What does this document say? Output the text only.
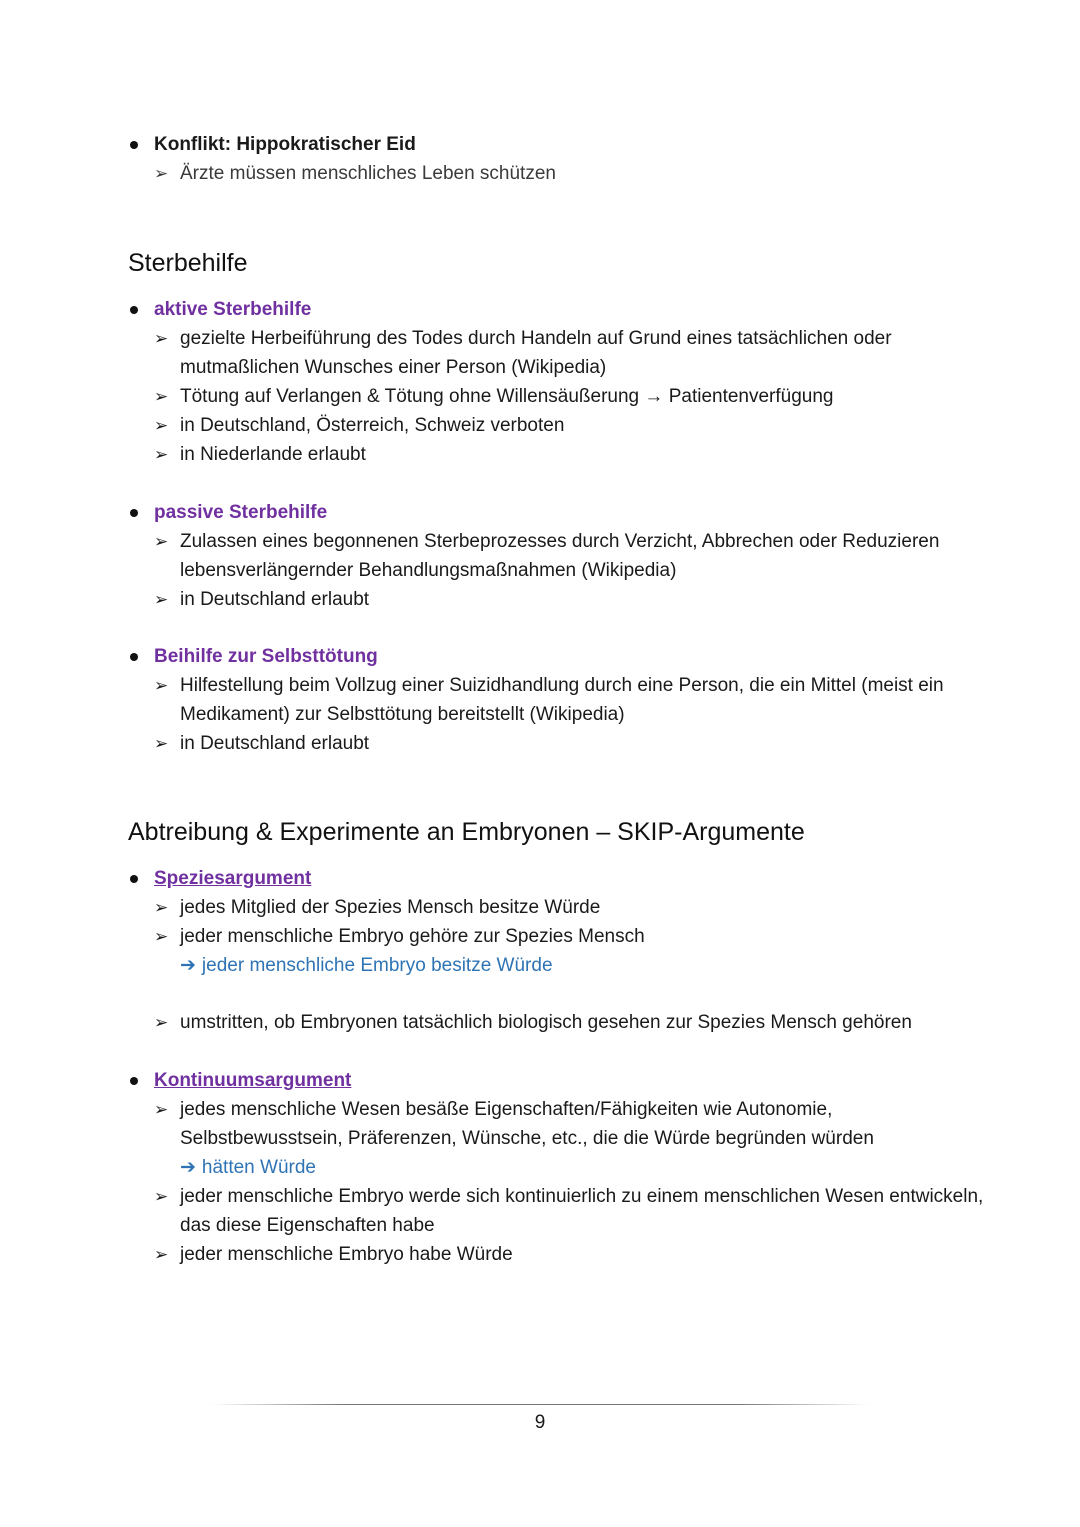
Konflikt: Hippokratischer Eid
➢ Ärzte müssen menschliches Leben schützen
Sterbehilfe
aktive Sterbehilfe
➢ gezielte Herbeiführung des Todes durch Handeln auf Grund eines tatsächlichen oder mutmaßlichen Wunsches einer Person (Wikipedia)
➢ Tötung auf Verlangen & Tötung ohne Willensäußerung → Patientenverfügung
➢ in Deutschland, Österreich, Schweiz verboten
➢ in Niederlande erlaubt
passive Sterbehilfe
➢ Zulassen eines begonnenen Sterbeprozesses durch Verzicht, Abbrechen oder Reduzieren lebensverlängernder Behandlungsmaßnahmen (Wikipedia)
➢ in Deutschland erlaubt
Beihilfe zur Selbsttötung
➢ Hilfestellung beim Vollzug einer Suizidhandlung durch eine Person, die ein Mittel (meist ein Medikament) zur Selbsttötung bereitstellt (Wikipedia)
➢ in Deutschland erlaubt
Abtreibung & Experimente an Embryonen – SKIP-Argumente
Speziesargument
➢ jedes Mitglied der Spezies Mensch besitze Würde
➢ jeder menschliche Embryo gehöre zur Spezies Mensch
➔ jeder menschliche Embryo besitze Würde
➢ umstritten, ob Embryonen tatsächlich biologisch gesehen zur Spezies Mensch gehören
Kontinuumsargument
➢ jedes menschliche Wesen besäße Eigenschaften/Fähigkeiten wie Autonomie, Selbstbewusstsein, Präferenzen, Wünsche, etc., die die Würde begründen würden
➔ hätten Würde
➢ jeder menschliche Embryo werde sich kontinuierlich zu einem menschlichen Wesen entwickeln, das diese Eigenschaften habe
➢ jeder menschliche Embryo habe Würde
9
